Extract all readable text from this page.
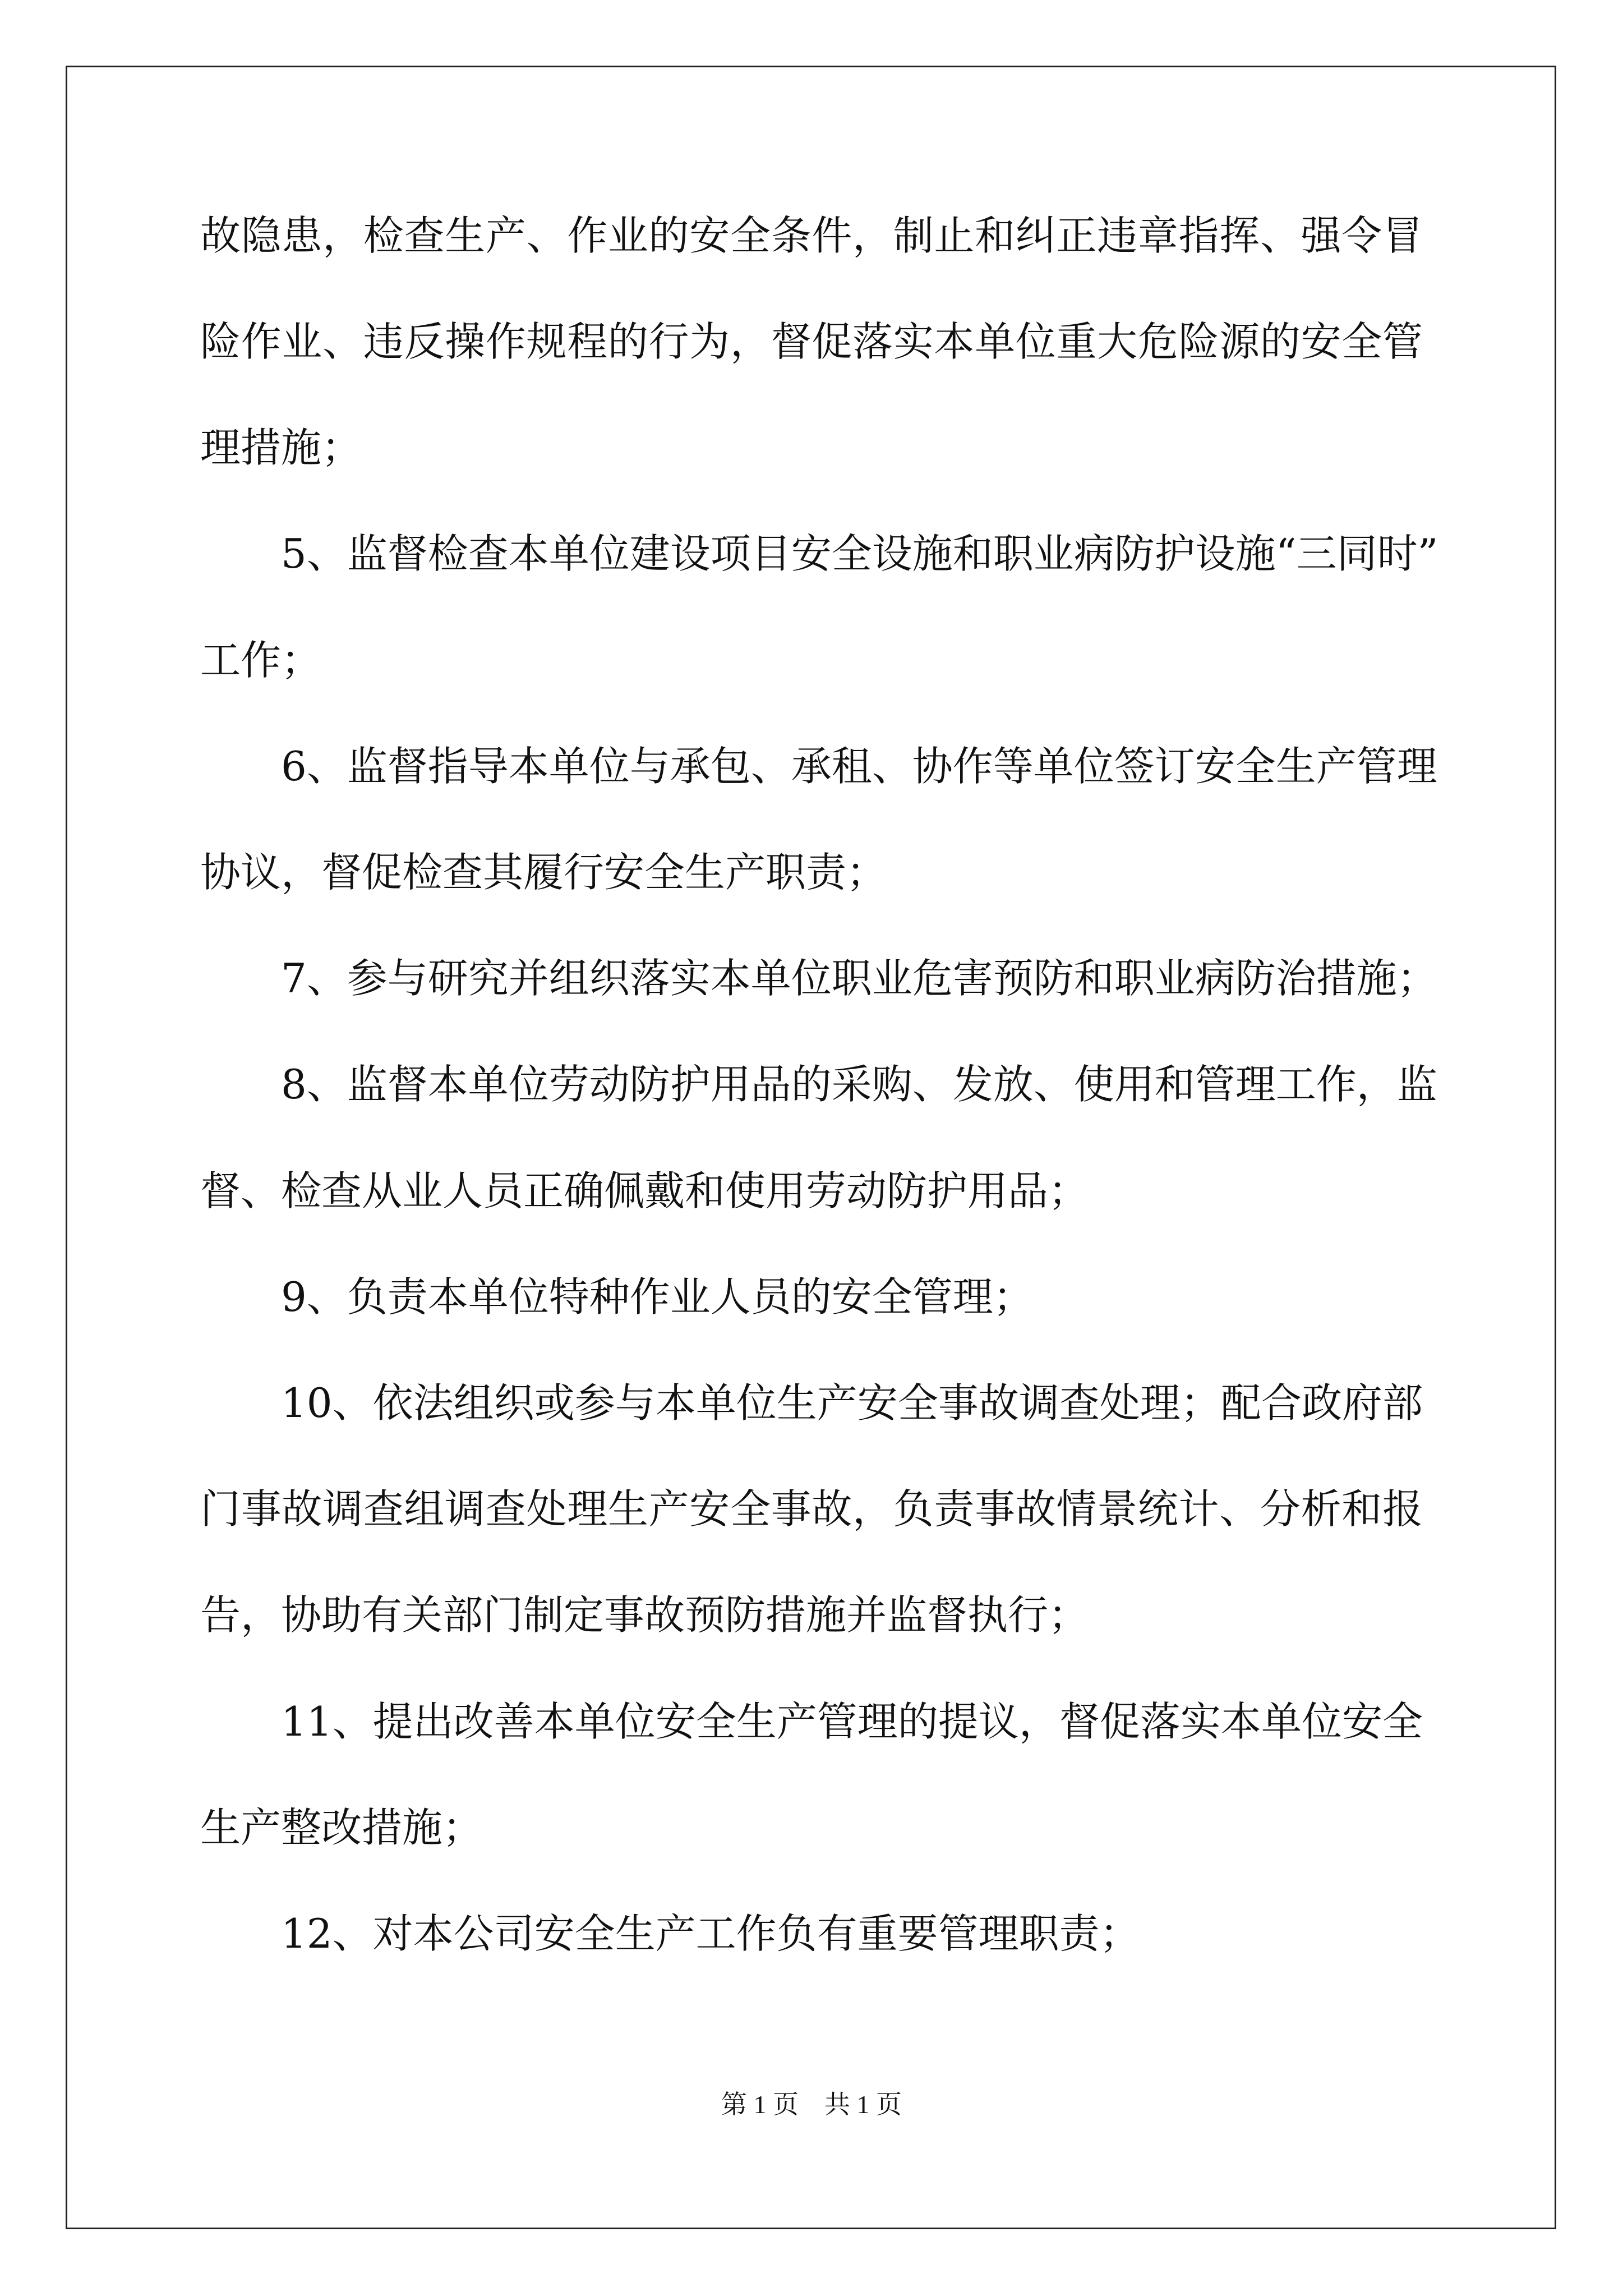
故隐患，检查生产、作业的安全条件，制止和纠正违章指挥、强令冒
险作业、违反操作规程的行为，督促落实本单位重大危险源的安全管
理措施；
5、监督检查本单位建设项目安全设施和职业病防护设施“三同时”
工作；
6、监督指导本单位与承包、承租、协作等单位签订安全生产管理
协议，督促检查其履行安全生产职责；
7、参与研究并组织落实本单位职业危害预防和职业病防治措施；
8、监督本单位劳动防护用品的采购、发放、使用和管理工作，监
督、检查从业人员正确佩戴和使用劳动防护用品；
9、负责本单位特种作业人员的安全管理；
10、依法组织或参与本单位生产安全事故调查处理；配合政府部
门事故调查组调查处理生产安全事故，负责事故情景统计、分析和报
告，协助有关部门制定事故预防措施并监督执行；
11、提出改善本单位安全生产管理的提议，督促落实本单位安全
生产整改措施；
12、对本公司安全生产工作负有重要管理职责；
第 1 页    共 1 页
